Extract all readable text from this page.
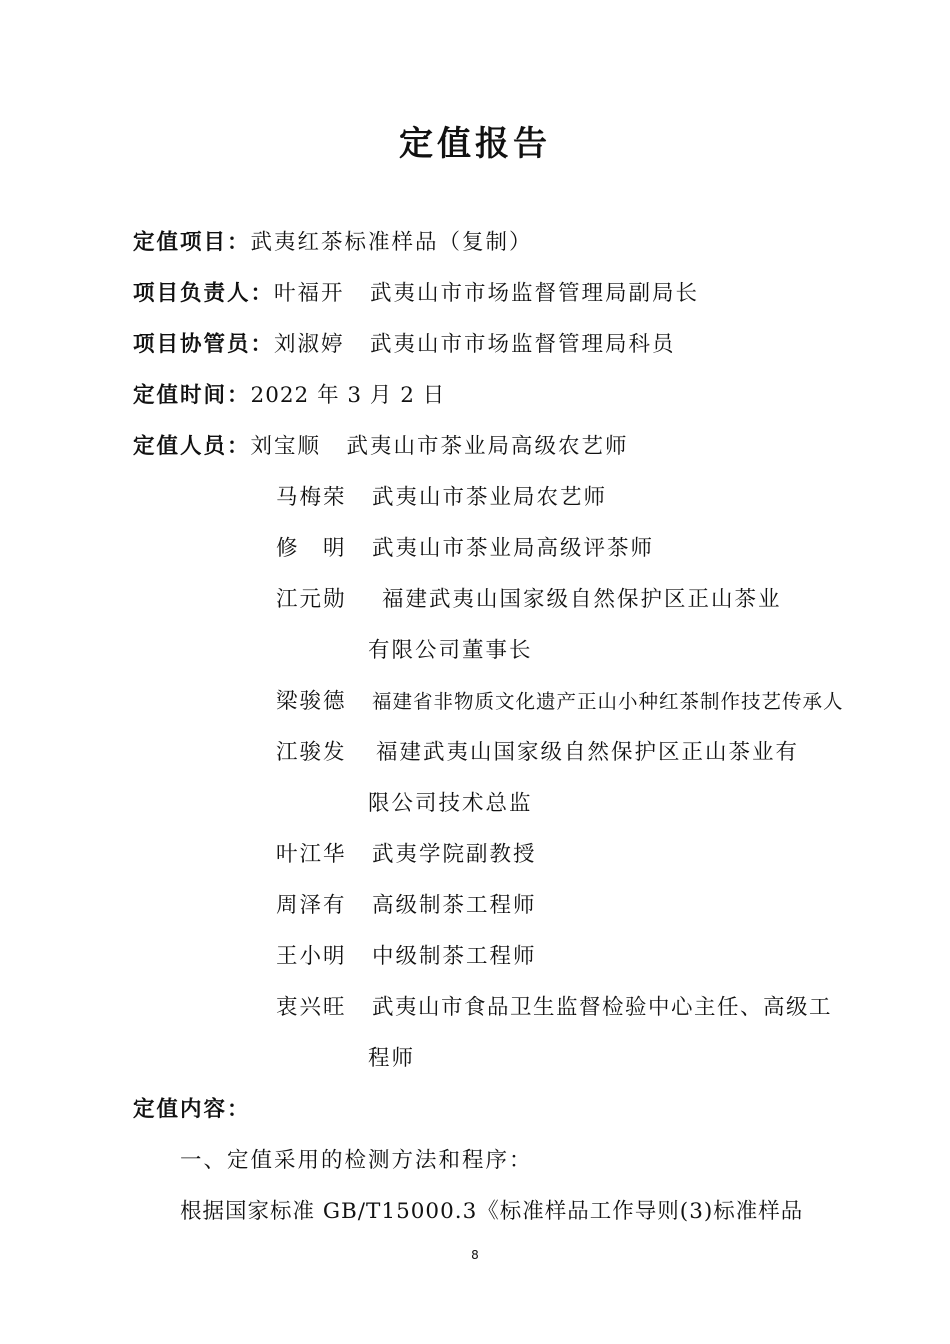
定值报告
定值项目：武夷红茶标准样品（复制）
项目负责人：叶福开 武夷山市市场监督管理局副局长
项目协管员：刘淑婷 武夷山市市场监督管理局科员
定值时间：2022 年 3 月 2 日
定值人员：刘宝顺 武夷山市茶业局高级农艺师
马梅荣 武夷山市茶业局农艺师
修　明 武夷山市茶业局高级评茶师
江元勋 福建武夷山国家级自然保护区正山茶业
有限公司董事长
梁骏德 福建省非物质文化遗产正山小种红茶制作技艺传承人
江骏发 福建武夷山国家级自然保护区正山茶业有
限公司技术总监
叶江华 武夷学院副教授
周泽有 高级制茶工程师
王小明 中级制茶工程师
衷兴旺 武夷山市食品卫生监督检验中心主任、高级工
程师
定值内容：
一、定值采用的检测方法和程序：
根据国家标准 GB/T15000.3《标准样品工作导则(3)标准样品
8
